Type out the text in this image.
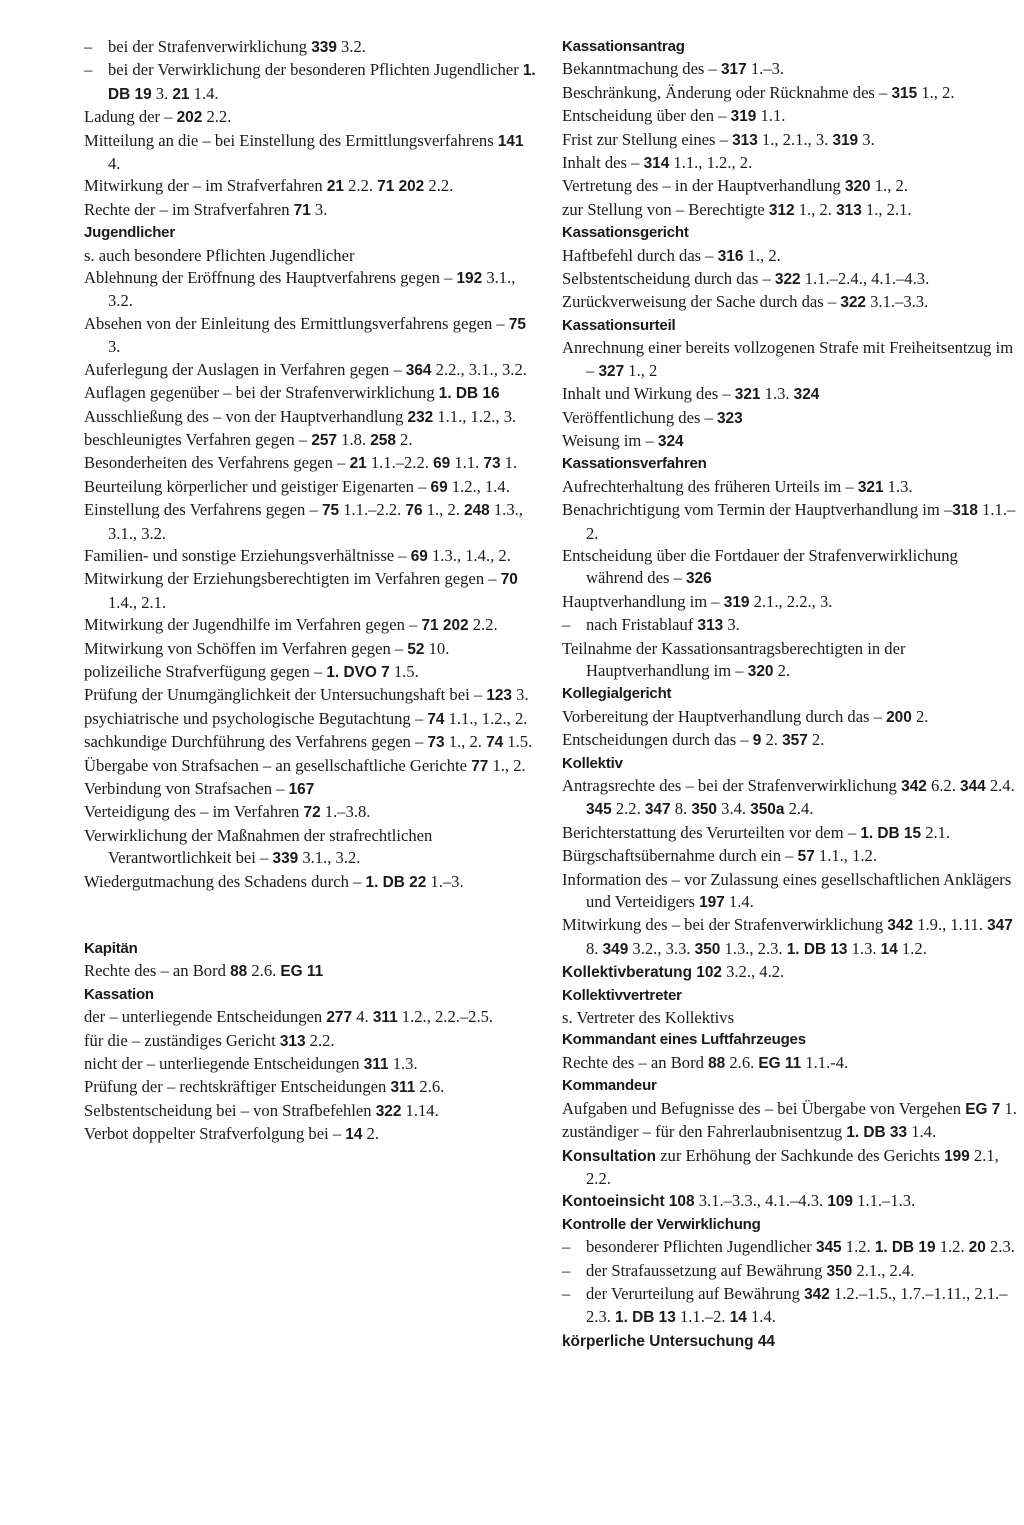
– bei der Strafenverwirklichung 339 3.2.
– bei der Verwirklichung der besonderen Pflichten Jugendlicher 1. DB 19 3. 21 1.4.
Ladung der – 202 2.2.
Mitteilung an die – bei Einstellung des Ermittlungsverfahrens 141 4.
Mitwirkung der – im Strafverfahren 21 2.2. 71 202 2.2.
Rechte der – im Strafverfahren 71 3.
Jugendlicher
s. auch besondere Pflichten Jugendlicher
Ablehnung der Eröffnung des Hauptverfahrens gegen – 192 3.1., 3.2.
Absehen von der Einleitung des Ermittlungsverfahrens gegen – 75 3.
Auferlegung der Auslagen in Verfahren gegen – 364 2.2., 3.1., 3.2.
Auflagen gegenüber – bei der Strafenverwirklichung 1. DB 16
Ausschließung des – von der Hauptverhandlung 232 1.1., 1.2., 3.
beschleunigtes Verfahren gegen – 257 1.8. 258 2.
Besonderheiten des Verfahrens gegen – 21 1.1.–2.2. 69 1.1. 73 1.
Beurteilung körperlicher und geistiger Eigenarten – 69 1.2., 1.4.
Einstellung des Verfahrens gegen – 75 1.1.–2.2. 76 1., 2. 248 1.3., 3.1., 3.2.
Familien- und sonstige Erziehungsverhältnisse – 69 1.3., 1.4., 2.
Mitwirkung der Erziehungsberechtigten im Verfahren gegen – 70 1.4., 2.1.
Mitwirkung der Jugendhilfe im Verfahren gegen – 71 202 2.2.
Mitwirkung von Schöffen im Verfahren gegen – 52 10.
polizeiliche Strafverfügung gegen – 1. DVO 7 1.5.
Prüfung der Unumgänglichkeit der Untersuchungshaft bei – 123 3.
psychiatrische und psychologische Begutachtung – 74 1.1., 1.2., 2.
sachkundige Durchführung des Verfahrens gegen – 73 1., 2. 74 1.5.
Übergabe von Strafsachen – an gesellschaftliche Gerichte 77 1., 2.
Verbindung von Strafsachen – 167
Verteidigung des – im Verfahren 72 1.–3.8.
Verwirklichung der Maßnahmen der strafrechtlichen Verantwortlichkeit bei – 339 3.1., 3.2.
Wiedergutmachung des Schadens durch – 1. DB 22 1.–3.
Kapitän
Rechte des – an Bord 88 2.6. EG 11
Kassation
der – unterliegende Entscheidungen 277 4. 311 1.2., 2.2.–2.5.
für die – zuständiges Gericht 313 2.2.
nicht der – unterliegende Entscheidungen 311 1.3.
Prüfung der – rechtskräftiger Entscheidungen 311 2.6.
Selbstentscheidung bei – von Strafbefehlen 322 1.14.
Verbot doppelter Strafverfolgung bei – 14 2.
Kassationsantrag
Bekanntmachung des – 317 1.–3.
Beschränkung, Änderung oder Rücknahme des – 315 1., 2.
Entscheidung über den – 319 1.1.
Frist zur Stellung eines – 313 1., 2.1., 3. 319 3.
Inhalt des – 314 1.1., 1.2., 2.
Vertretung des – in der Hauptverhandlung 320 1., 2.
zur Stellung von – Berechtigte 312 1., 2. 313 1., 2.1.
Kassationsgericht
Haftbefehl durch das – 316 1., 2.
Selbstentscheidung durch das – 322 1.1.–2.4., 4.1.–4.3.
Zurückverweisung der Sache durch das – 322 3.1.–3.3.
Kassationsurteil
Anrechnung einer bereits vollzogenen Strafe mit Freiheitsentzug im – 327 1., 2
Inhalt und Wirkung des – 321 1.3. 324
Veröffentlichung des – 323
Weisung im – 324
Kassationsverfahren
Aufrechterhaltung des früheren Urteils im – 321 1.3.
Benachrichtigung vom Termin der Hauptverhandlung im –318 1.1.–2.
Entscheidung über die Fortdauer der Strafenverwirklichung während des – 326
Hauptverhandlung im – 319 2.1., 2.2., 3.
– nach Fristablauf 313 3.
Teilnahme der Kassationsantragsberechtigten in der Hauptverhandlung im – 320 2.
Kollegialgericht
Vorbereitung der Hauptverhandlung durch das – 200 2.
Entscheidungen durch das – 9 2. 357 2.
Kollektiv
Antragsrechte des – bei der Strafenverwirklichung 342 6.2. 344 2.4. 345 2.2. 347 8. 350 3.4. 350a 2.4.
Berichterstattung des Verurteilten vor dem – 1. DB 15 2.1.
Bürgschaftsübernahme durch ein – 57 1.1., 1.2.
Information des – vor Zulassung eines gesellschaftlichen Anklägers und Verteidigers 197 1.4.
Mitwirkung des – bei der Strafenverwirklichung 342 1.9., 1.11. 347 8. 349 3.2., 3.3. 350 1.3., 2.3. 1. DB 13 1.3. 14 1.2.
Kollektivberatung 102 3.2., 4.2.
Kollektivvertreter
s. Vertreter des Kollektivs
Kommandant eines Luftfahrzeuges
Rechte des – an Bord 88 2.6. EG 11 1.1.-4.
Kommandeur
Aufgaben und Befugnisse des – bei Übergabe von Vergehen EG 7 1.
zuständiger – für den Fahrerlaubnisentzug 1. DB 33 1.4.
Konsultation zur Erhöhung der Sachkunde des Gerichts 199 2.1, 2.2.
Kontoeinsicht 108 3.1.–3.3., 4.1.–4.3. 109 1.1.–1.3.
Kontrolle der Verwirklichung
– besonderer Pflichten Jugendlicher 345 1.2. 1. DB 19 1.2. 20 2.3.
– der Strafaussetzung auf Bewährung 350 2.1., 2.4.
– der Verurteilung auf Bewährung 342 1.2.–1.5., 1.7.–1.11., 2.1.–2.3. 1. DB 13 1.1.–2. 14 1.4.
körperliche Untersuchung 44
